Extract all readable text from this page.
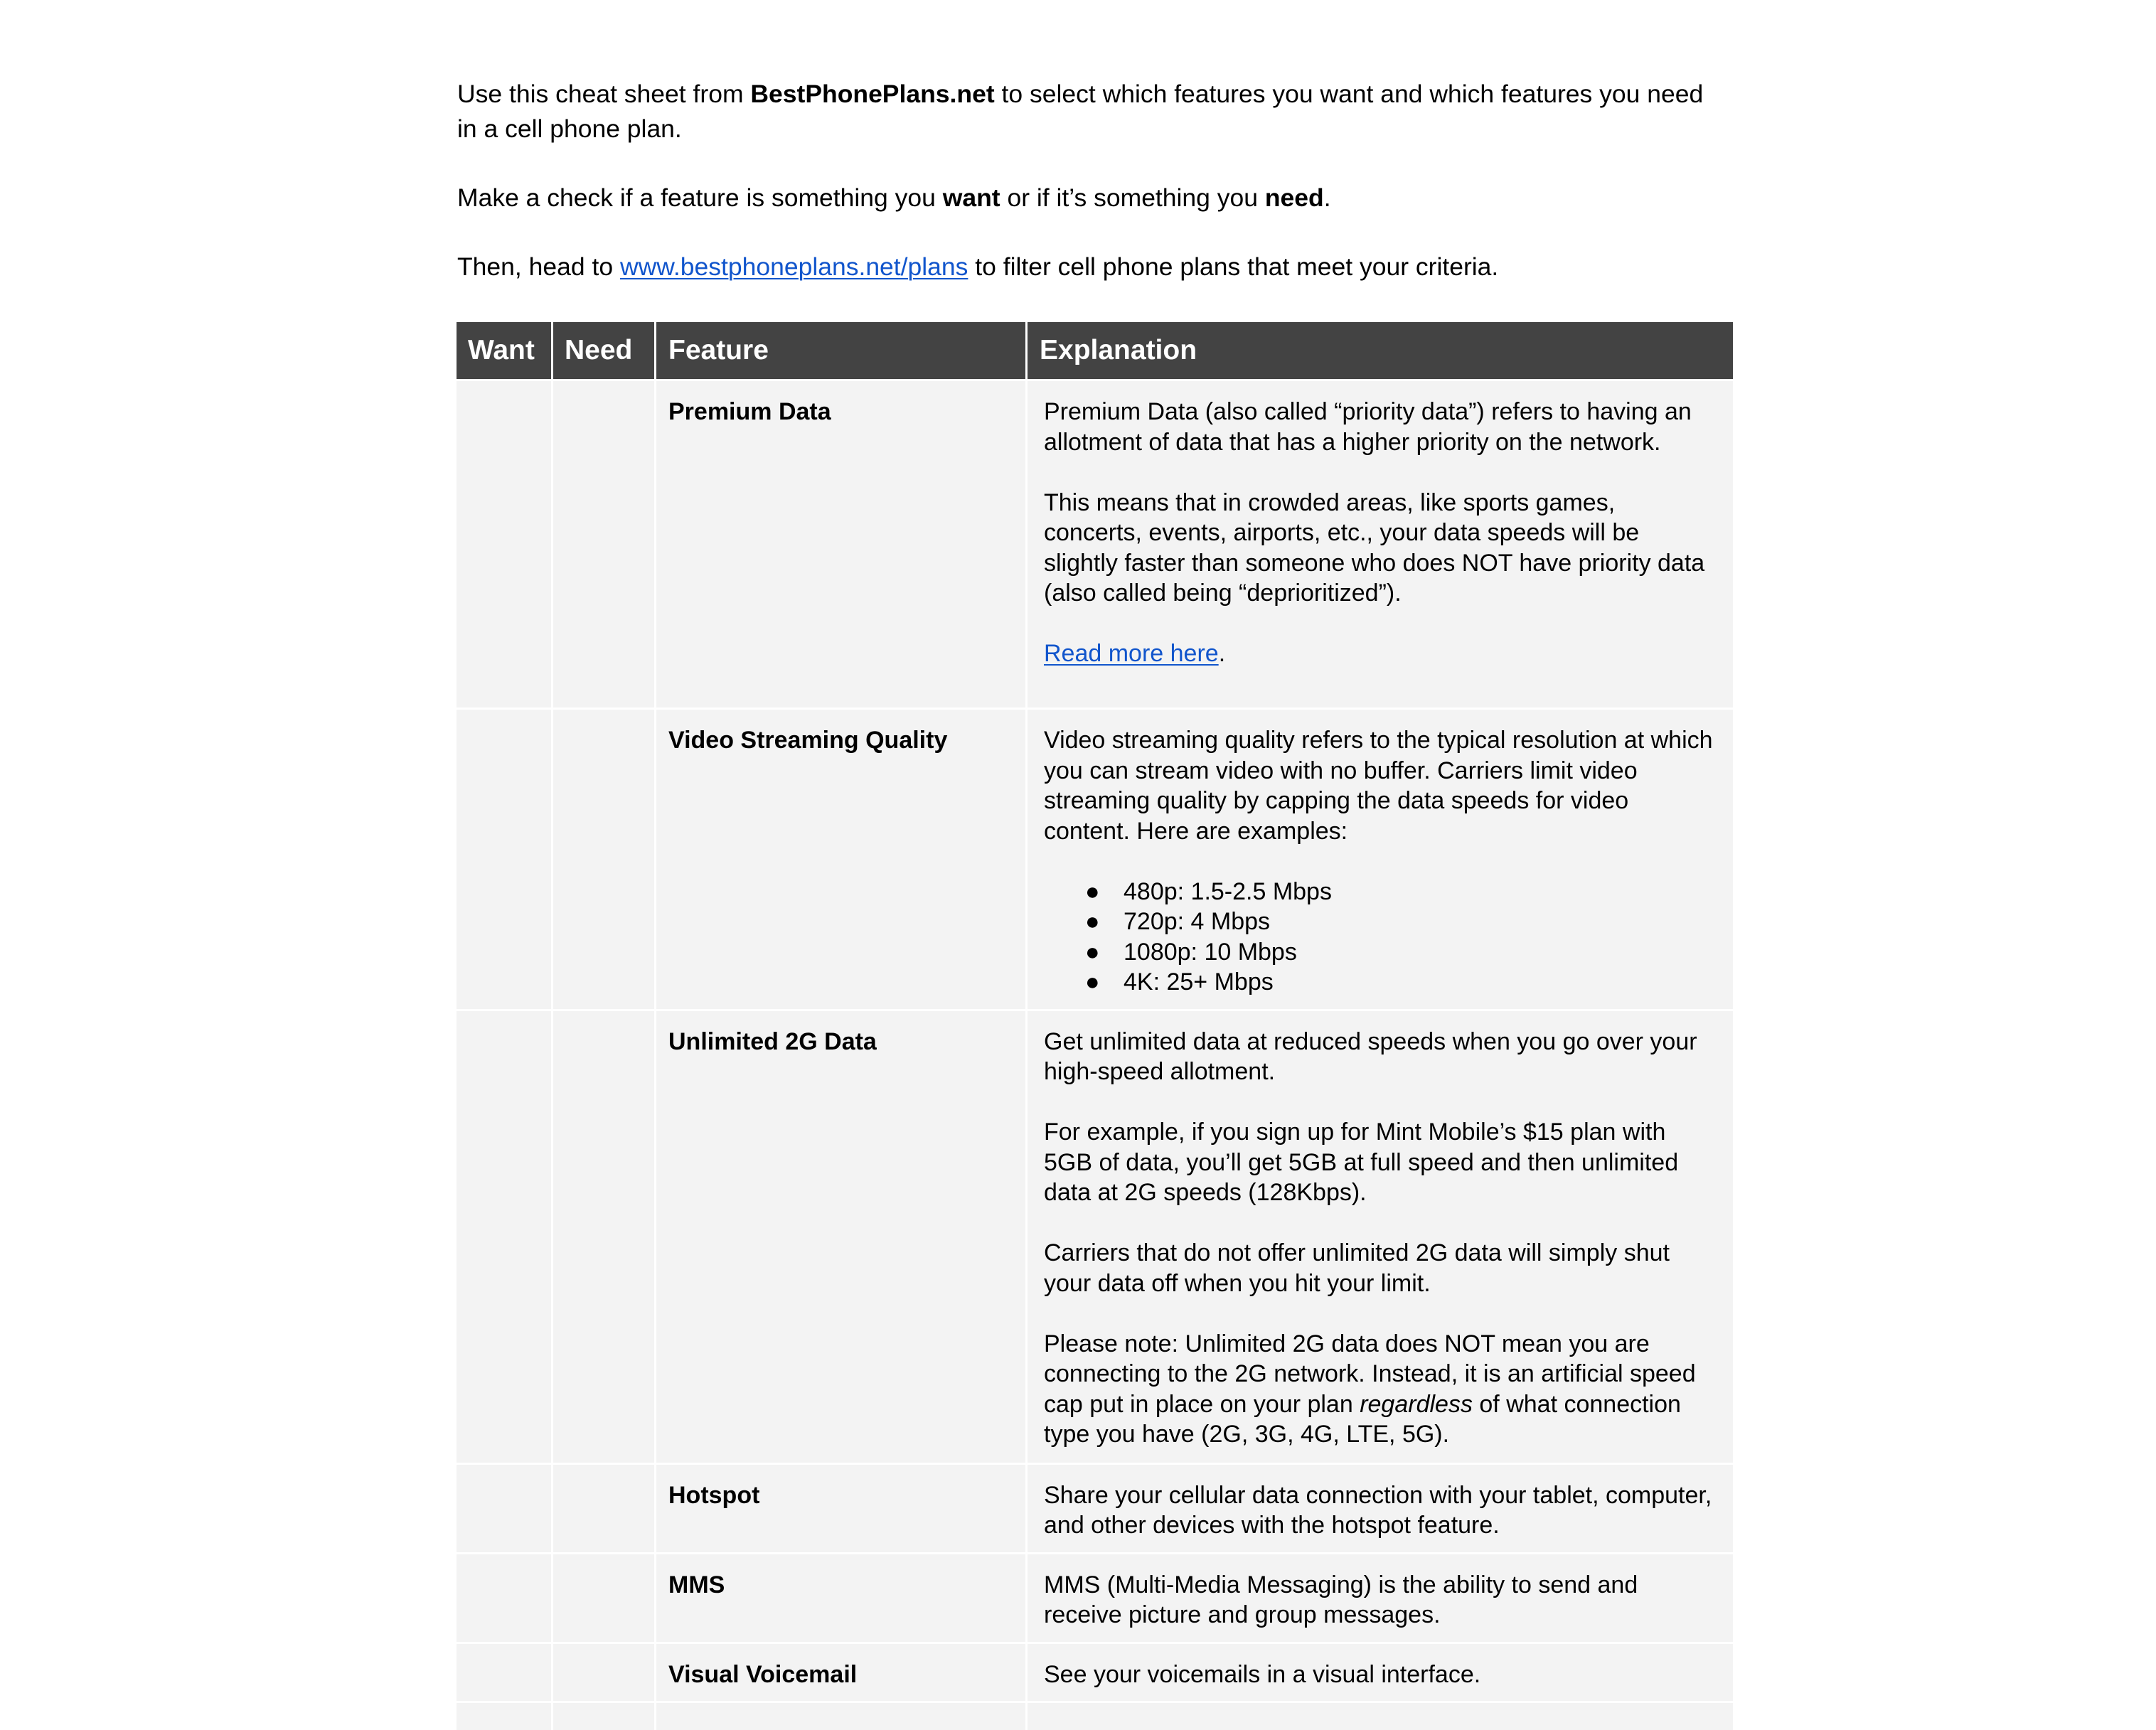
Use this cheat sheet from BestPhonePlans.net to select which features you want and which features you need in a cell phone plan.

Make a check if a feature is something you want or if it’s something you need.

Then, head to www.bestphoneplans.net/plans to filter cell phone plans that meet your criteria.

Want	Need	Feature	Explanation
		Premium Data	Premium Data (also called “priority data”) refers to having an allotment of data that has a higher priority on the network.

This means that in crowded areas, like sports games, concerts, events, airports, etc., your data speeds will be slightly faster than someone who does NOT have priority data (also called being “deprioritized”).

Read more here.

		Video Streaming Quality	Video streaming quality refers to the typical resolution at which you can stream video with no buffer. Carriers limit video streaming quality by capping the data speeds for video content. Here are examples:

● 480p: 1.5-2.5 Mbps
● 720p: 4 Mbps
● 1080p: 10 Mbps
● 4K: 25+ Mbps

		Unlimited 2G Data	Get unlimited data at reduced speeds when you go over your high-speed allotment.

For example, if you sign up for Mint Mobile’s $15 plan with 5GB of data, you’ll get 5GB at full speed and then unlimited data at 2G speeds (128Kbps).

Carriers that do not offer unlimited 2G data will simply shut your data off when you hit your limit.

Please note: Unlimited 2G data does NOT mean you are connecting to the 2G network. Instead, it is an artificial speed cap put in place on your plan regardless of what connection type you have (2G, 3G, 4G, LTE, 5G).

		Hotspot	Share your cellular data connection with your tablet, computer, and other devices with the hotspot feature.

		MMS	MMS (Multi-Media Messaging) is the ability to send and receive picture and group messages.

		Visual Voicemail	See your voicemails in a visual interface.
